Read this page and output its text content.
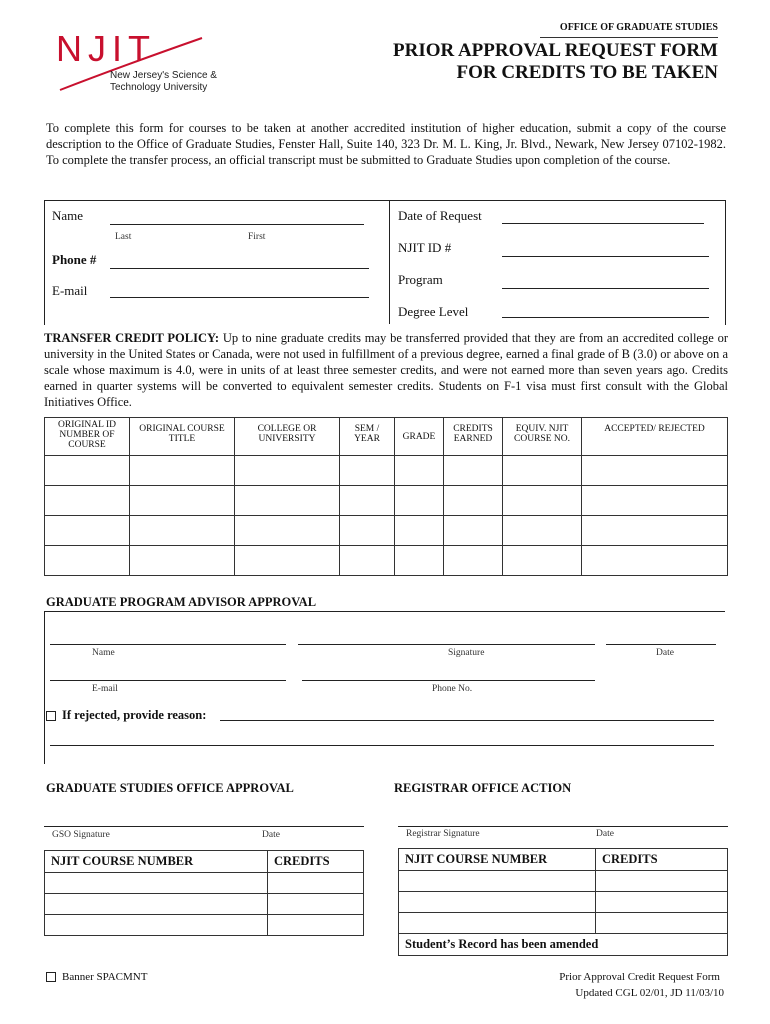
NJIT
New Jersey's Science &
Technology University
OFFICE OF GRADUATE STUDIES
PRIOR APPROVAL REQUEST FORM
FOR CREDITS TO BE TAKEN
To complete this form for courses to be taken at another accredited institution of higher education, submit a copy of the course description to the Office of Graduate Studies, Fenster Hall, Suite 140, 323 Dr. M. L. King, Jr. Blvd., Newark, New Jersey 07102-1982. To complete the transfer process, an official transcript must be submitted to Graduate Studies upon completion of the course.
Name
Last	First
Phone #
E-mail
Date of Request
NJIT ID #
Program
Degree Level
TRANSFER CREDIT POLICY: Up to nine graduate credits may be transferred provided that they are from an accredited college or university in the United States or Canada, were not used in fulfillment of a previous degree, earned a final grade of B (3.0) or above on a scale whose maximum is 4.0, were in units of at least three semester credits, and were not earned more than seven years ago. Credits earned in quarter systems will be converted to equivalent semester credits. Students on F-1 visa must first consult with the Global Initiatives Office.
ORIGINAL ID NUMBER OF COURSE	ORIGINAL COURSE TITLE	COLLEGE OR UNIVERSITY	SEM / YEAR	GRADE	CREDITS EARNED	EQUIV. NJIT COURSE NO.	ACCEPTED/ REJECTED

GRADUATE PROGRAM ADVISOR APPROVAL
Name	Signature	Date
E-mail	Phone No.
If rejected, provide reason:
GRADUATE STUDIES OFFICE APPROVAL
GSO Signature	Date
NJIT COURSE NUMBER	CREDITS

REGISTRAR OFFICE ACTION
Registrar Signature	Date
NJIT COURSE NUMBER	CREDITS

Student’s Record has been amended	
Banner SPACMNT	Prior Approval Credit Request Form
Updated CGL 02/01, JD 11/03/10
